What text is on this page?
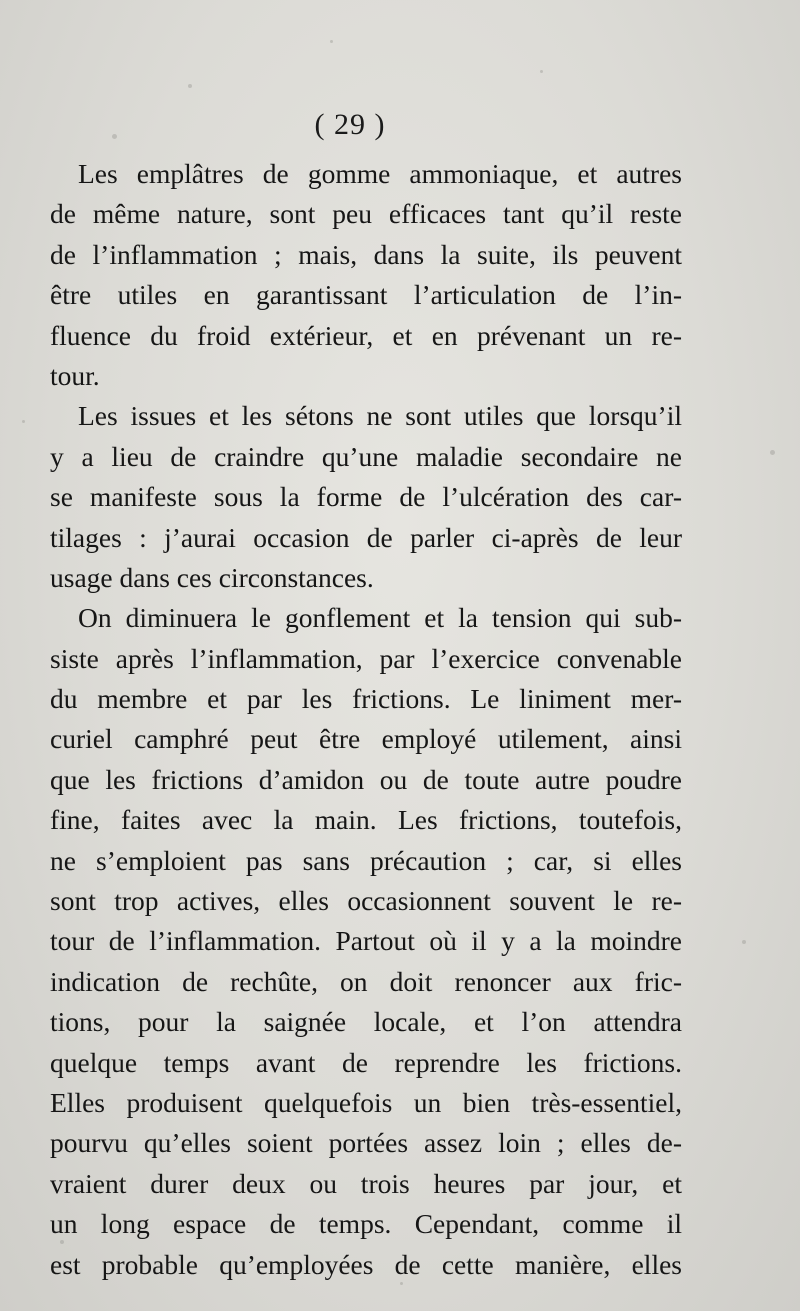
( 29 )
Les emplâtres de gomme ammoniaque, et autres
de même nature, sont peu efficaces tant qu’il reste
de l’inflammation ; mais, dans la suite, ils peuvent
être utiles en garantissant l’articulation de l’in-
fluence du froid extérieur, et en prévenant un re-
tour.
Les issues et les sétons ne sont utiles que lorsqu’il
y a lieu de craindre qu’une maladie secondaire ne
se manifeste sous la forme de l’ulcération des car-
tilages : j’aurai occasion de parler ci-après de leur
usage dans ces circonstances.
On diminuera le gonflement et la tension qui sub-
siste après l’inflammation, par l’exercice convenable
du membre et par les frictions. Le liniment mer-
curiel camphré peut être employé utilement, ainsi
que les frictions d’amidon ou de toute autre poudre
fine, faites avec la main. Les frictions, toutefois,
ne s’emploient pas sans précaution ; car, si elles
sont trop actives, elles occasionnent souvent le re-
tour de l’inflammation. Partout où il y a la moindre
indication de rechûte, on doit renoncer aux fric-
tions, pour la saignée locale, et l’on attendra
quelque temps avant de reprendre les frictions.
Elles produisent quelquefois un bien très-essentiel,
pourvu qu’elles soient portées assez loin ; elles de-
vraient durer deux ou trois heures par jour, et
un long espace de temps. Cependant, comme il
est probable qu’employées de cette manière, elles
